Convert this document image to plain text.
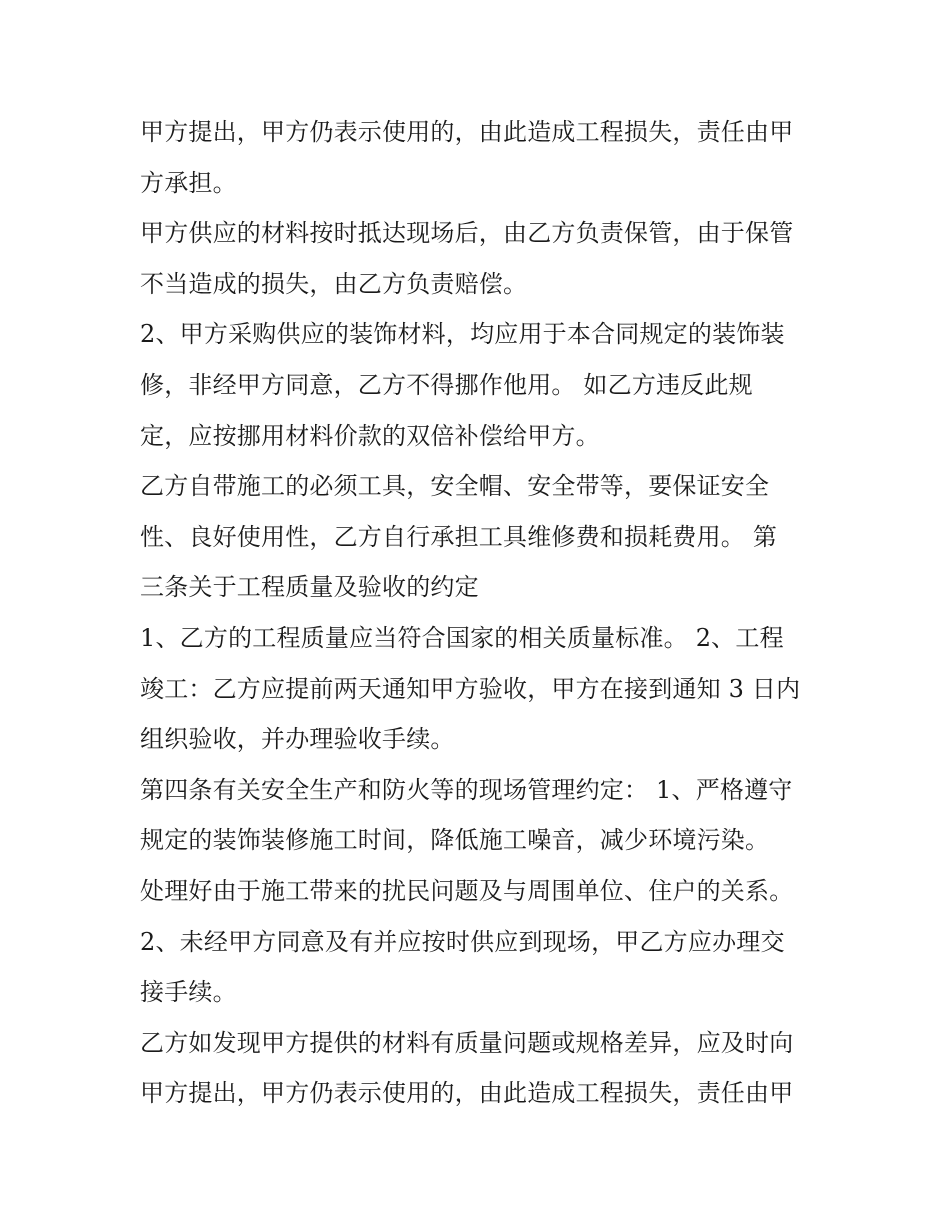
甲方提出，甲方仍表示使用的，由此造成工程损失，责任由甲
方承担。
甲方供应的材料按时抵达现场后，由乙方负责保管，由于保管
不当造成的损失，由乙方负责赔偿。
2、甲方采购供应的装饰材料，均应用于本合同规定的装饰装
修，非经甲方同意，乙方不得挪作他用。 如乙方违反此规
定，应按挪用材料价款的双倍补偿给甲方。
乙方自带施工的必须工具，安全帽、安全带等，要保证安全
性、良好使用性，乙方自行承担工具维修费和损耗费用。 第
三条关于工程质量及验收的约定
1、乙方的工程质量应当符合国家的相关质量标准。 2、工程
竣工：乙方应提前两天通知甲方验收，甲方在接到通知 3 日内
组织验收，并办理验收手续。
第四条有关安全生产和防火等的现场管理约定： 1、严格遵守
规定的装饰装修施工时间，降低施工噪音，减少环境污染。
处理好由于施工带来的扰民问题及与周围单位、住户的关系。
2、未经甲方同意及有并应按时供应到现场，甲乙方应办理交
接手续。
乙方如发现甲方提供的材料有质量问题或规格差异，应及时向
甲方提出，甲方仍表示使用的，由此造成工程损失，责任由甲
